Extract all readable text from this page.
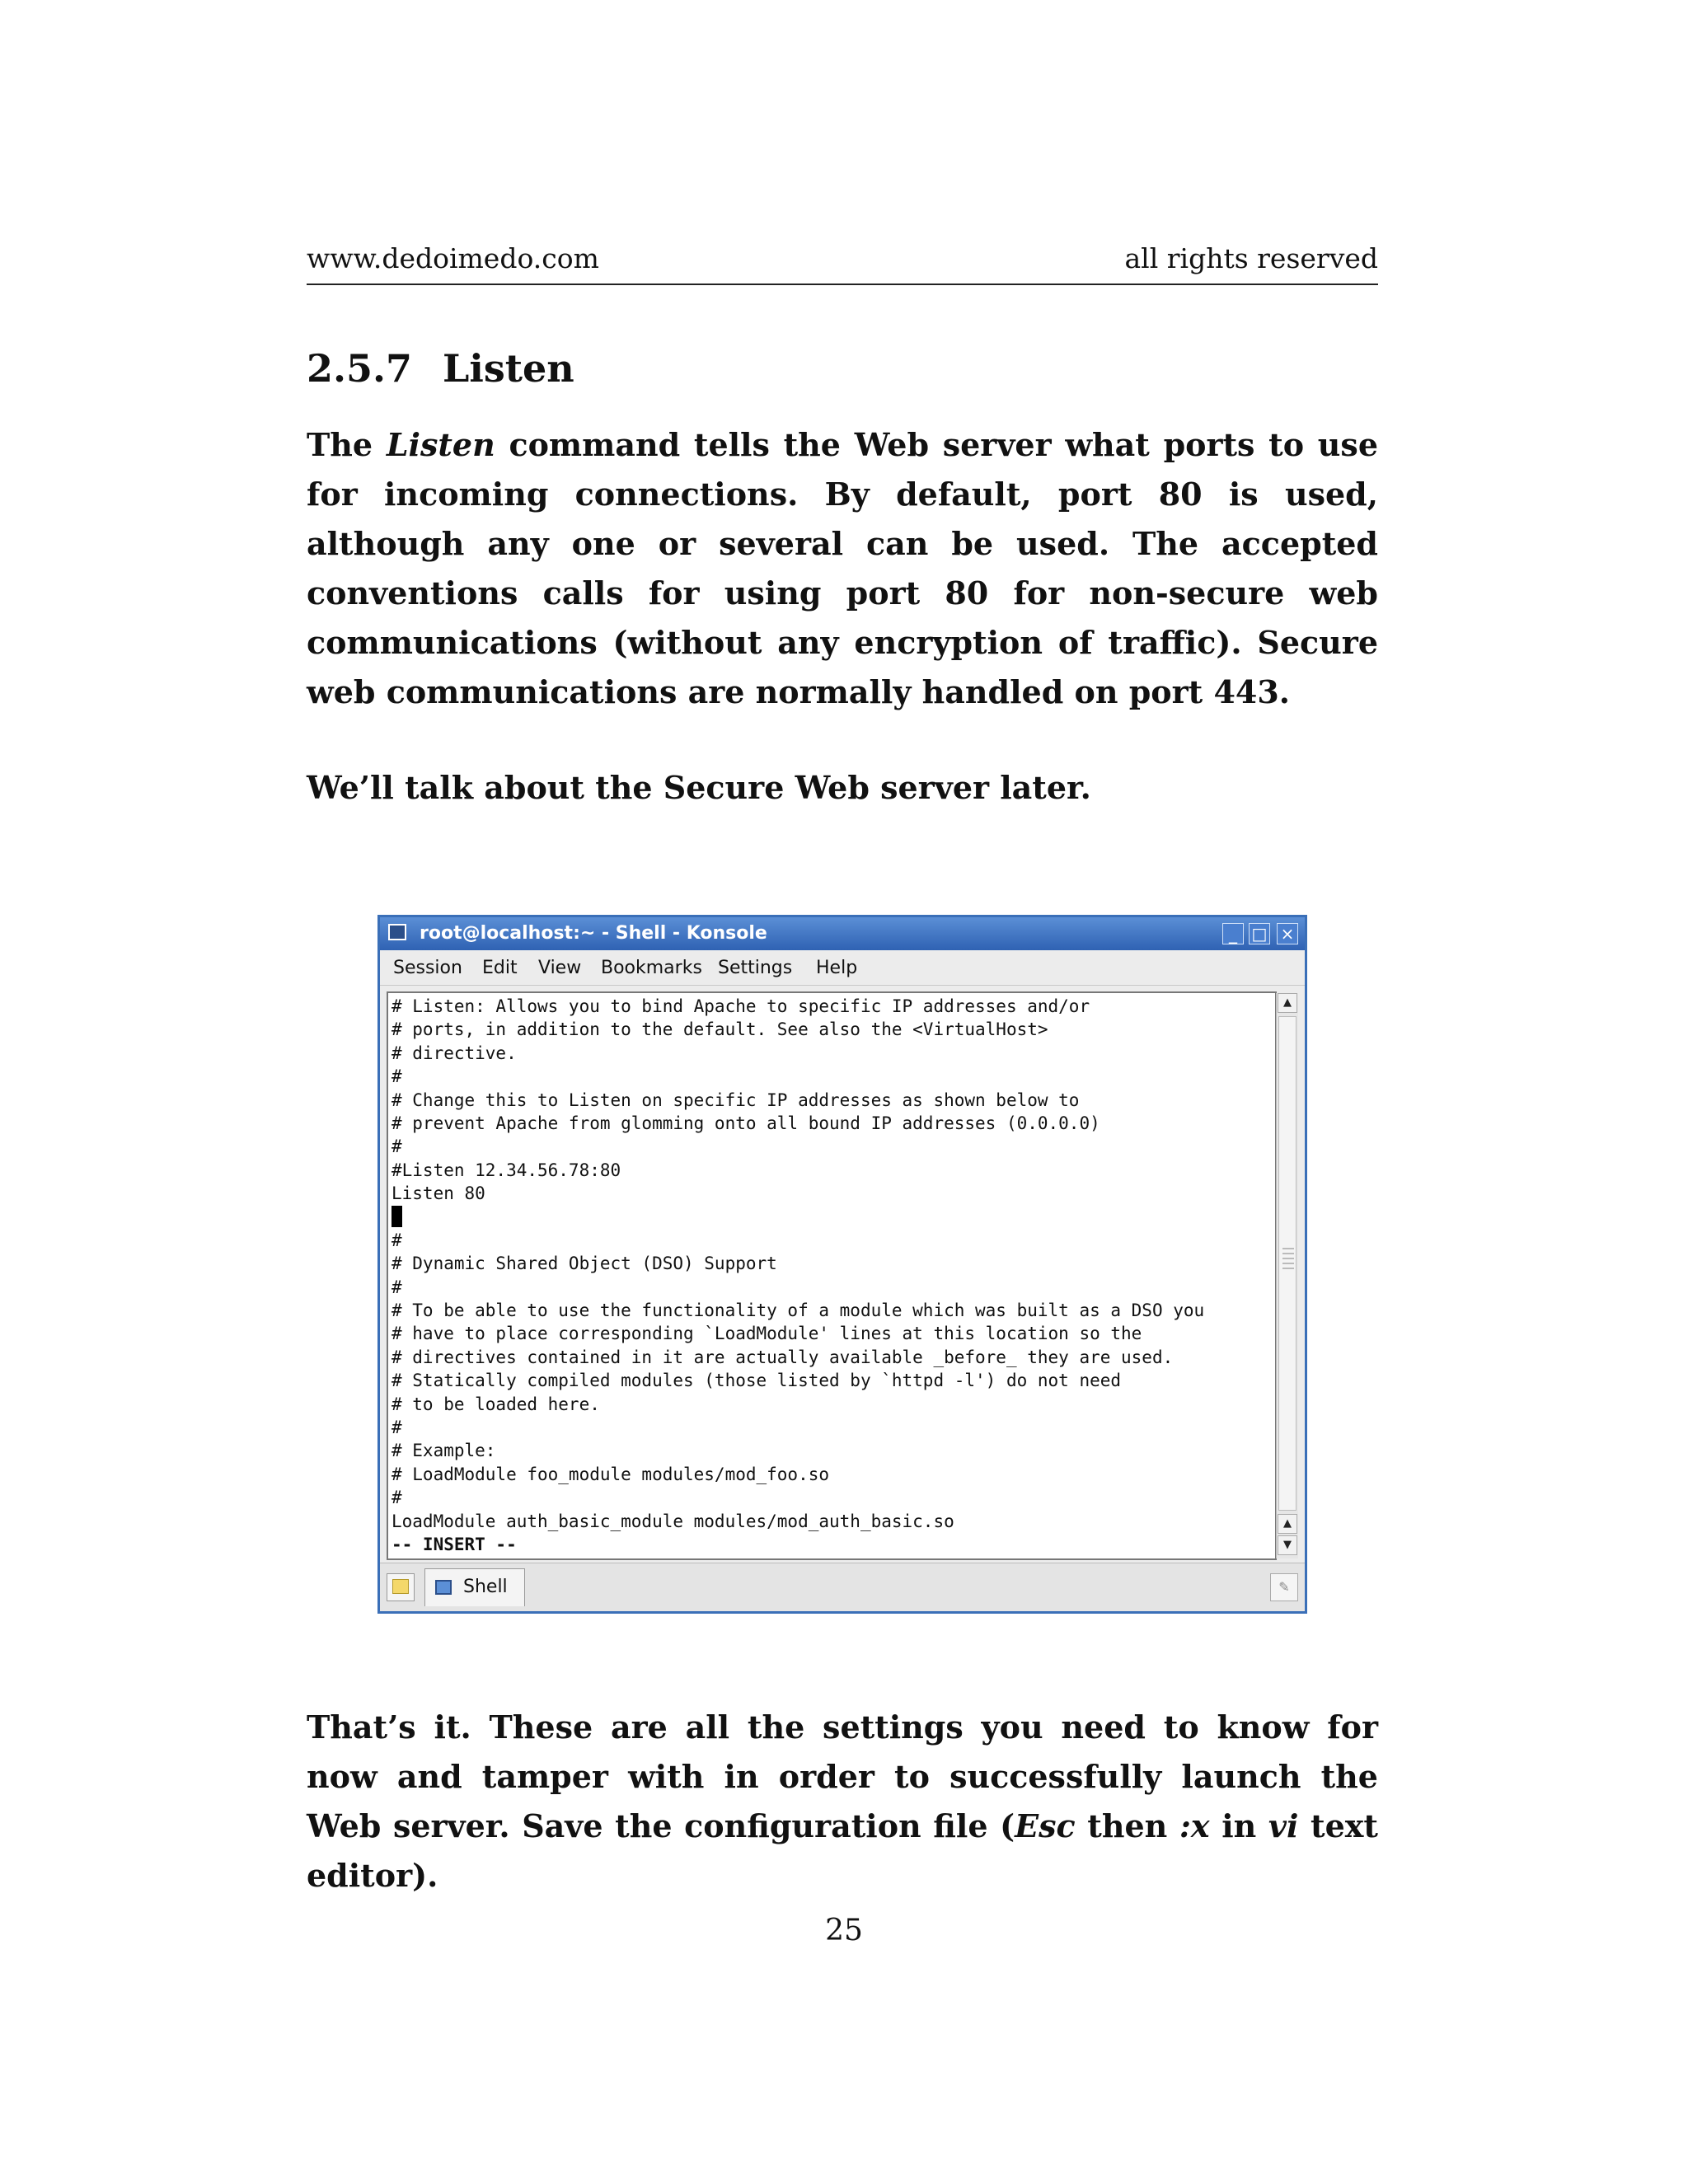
www.dedoimedo.com	all rights reserved
2.5.7 Listen
The Listen command tells the Web server what ports to use for incoming connections. By default, port 80 is used, although any one or several can be used. The accepted conventions calls for using port 80 for non-secure web communications (without any encryption of traffic). Secure web communications are normally handled on port 443.
We’ll talk about the Secure Web server later.
root@localhost:~ - Shell - Konsole	_ □ ×
Session Edit View Bookmarks Settings Help
# Listen: Allows you to bind Apache to specific IP addresses and/or
# ports, in addition to the default. See also the <VirtualHost>
# directive.
#
# Change this to Listen on specific IP addresses as shown below to
# prevent Apache from glomming onto all bound IP addresses (0.0.0.0)
#
#Listen 12.34.56.78:80
Listen 80
#
# Dynamic Shared Object (DSO) Support
#
# To be able to use the functionality of a module which was built as a DSO you
# have to place corresponding `LoadModule' lines at this location so the
# directives contained in it are actually available _before_ they are used.
# Statically compiled modules (those listed by `httpd -l') do not need
# to be loaded here.
#
# Example:
# LoadModule foo_module modules/mod_foo.so
#
LoadModule auth_basic_module modules/mod_auth_basic.so
-- INSERT --
▲
▲
▼
Shell	✎
That’s it. These are all the settings you need to know for now and tamper with in order to successfully launch the Web server. Save the configuration file (Esc then :x in vi text editor).
25
